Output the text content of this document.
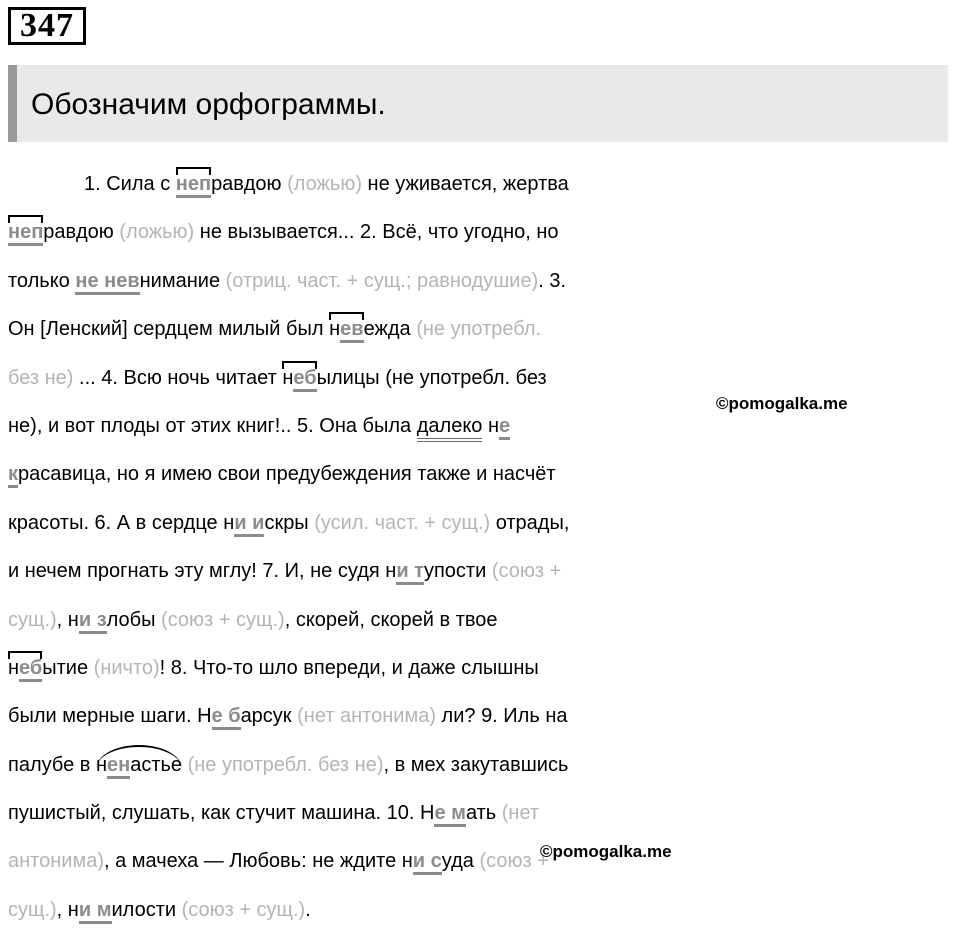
347
Обозначим орфограммы.
1. Сила с неправдою (ложью) не уживается, жертва
неправдою (ложью) не вызывается... 2. Всё, что угодно, но
только не невнимание (отриц. част. + сущ.; равнодушие). 3.
Он [Ленский] сердцем милый был невежда (не употребл.
без не) ... 4. Всю ночь читает небылицы (не употребл. без
не), и вот плоды от этих книг!.. 5. Она была далеко не
красавица, но я имею свои предубеждения также и насчёт
красоты. 6. А в сердце ни искры (усил. част. + сущ.) отрады,
и нечем прогнать эту мглу! 7. И, не судя ни тупости (союз +
сущ.), ни злобы (союз + сущ.), скорей, скорей в твое
небытие (ничто)! 8. Что-то шло впереди, и даже слышны
были мерные шаги. Не барсук (нет антонима) ли? 9. Иль на
палубе в ненастье (не употребл. без не), в мех закутавшись
пушистый, слушать, как стучит машина. 10. Не мать (нет
антонима), а мачеха — Любовь: не ждите ни суда (союз +
сущ.), ни милости (союз + сущ.).
©pomogalka.me
©pomogalka.me
